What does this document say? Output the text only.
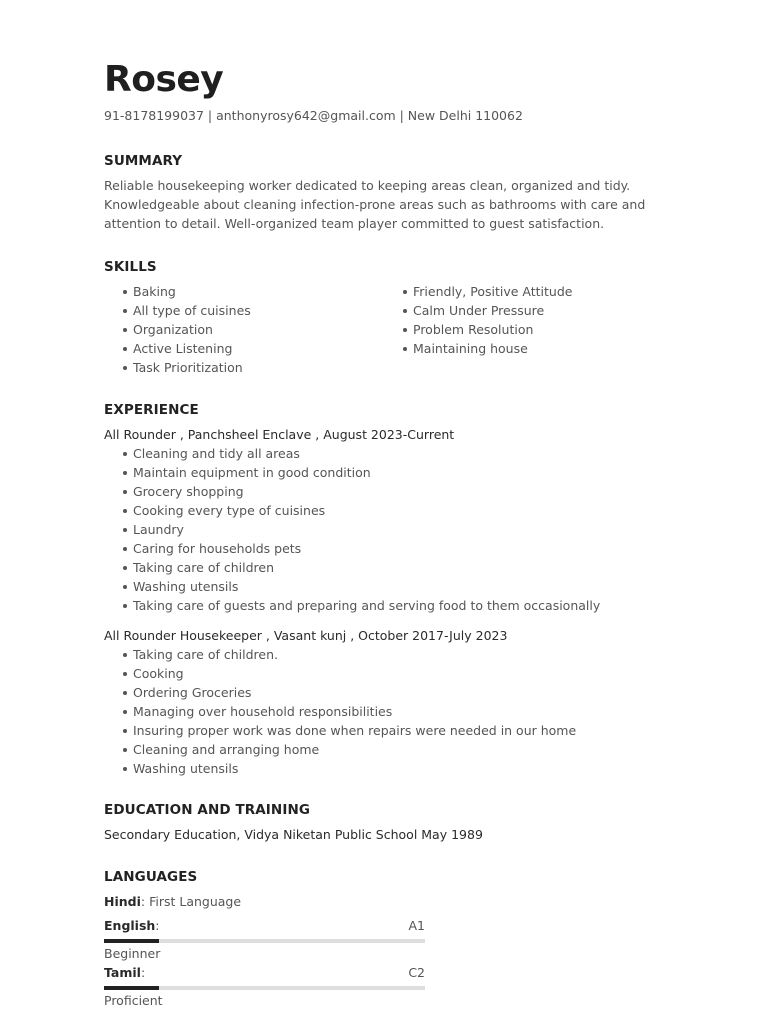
Rosey
91-8178199037 | anthonyrosy642@gmail.com | New Delhi 110062
SUMMARY
Reliable housekeeping worker dedicated to keeping areas clean, organized and tidy. Knowledgeable about cleaning infection-prone areas such as bathrooms with care and attention to detail. Well-organized team player committed to guest satisfaction.
SKILLS
Baking
All type of cuisines
Organization
Active Listening
Task Prioritization
Friendly, Positive Attitude
Calm Under Pressure
Problem Resolution
Maintaining house
EXPERIENCE
All Rounder , Panchsheel Enclave , August 2023-Current
Cleaning and tidy all areas
Maintain equipment in good condition
Grocery shopping
Cooking every type of cuisines
Laundry
Caring for households pets
Taking care of children
Washing utensils
Taking care of guests and preparing and serving food to them occasionally
All Rounder Housekeeper , Vasant kunj , October 2017-July 2023
Taking care of children.
Cooking
Ordering Groceries
Managing over household responsibilities
Insuring proper work was done when repairs were needed in our home
Cleaning and arranging home
Washing utensils
EDUCATION AND TRAINING
Secondary Education, Vidya Niketan Public School May 1989
LANGUAGES
Hindi: First Language
English:	A1
Beginner
Tamil:	C2
Proficient
